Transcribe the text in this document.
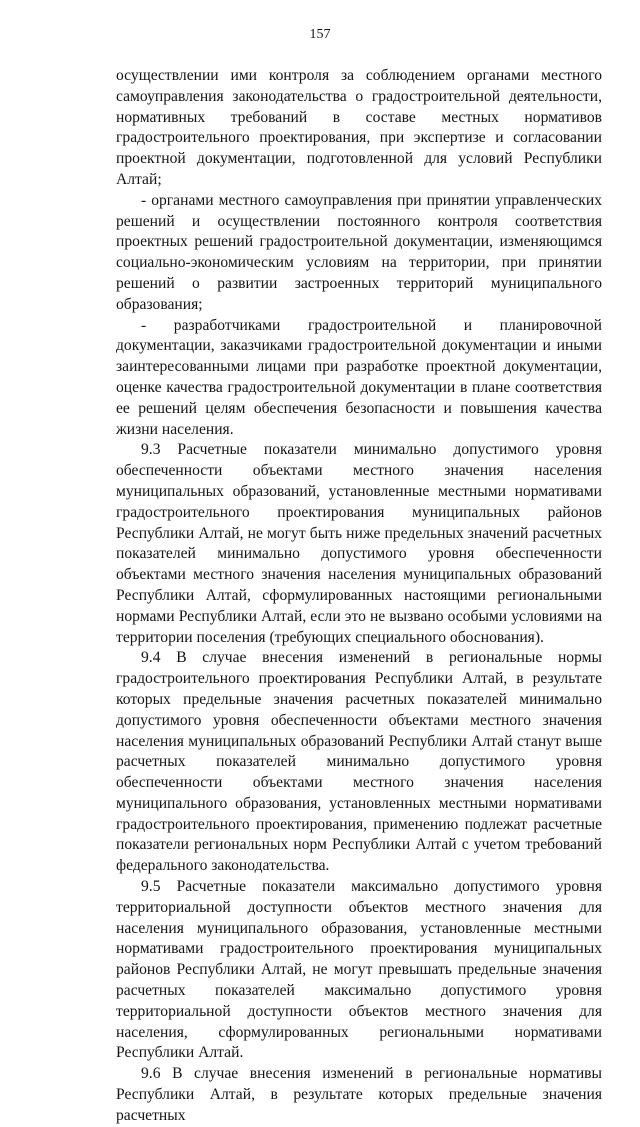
157

осуществлении ими контроля за соблюдением органами местного самоуправления законодательства о градостроительной деятельности, нормативных требований в составе местных нормативов градостроительного проектирования, при экспертизе и согласовании проектной документации, подготовленной для условий Республики Алтай;

- органами местного самоуправления при принятии управленческих решений и осуществлении постоянного контроля соответствия проектных решений градостроительной документации, изменяющимся социально-экономическим условиям на территории, при принятии решений о развитии застроенных территорий муниципального образования;

- разработчиками градостроительной и планировочной документации, заказчиками градостроительной документации и иными заинтересованными лицами при разработке проектной документации, оценке качества градостроительной документации в плане соответствия ее решений целям обеспечения безопасности и повышения качества жизни населения.

9.3 Расчетные показатели минимально допустимого уровня обеспеченности объектами местного значения населения муниципальных образований, установленные местными нормативами градостроительного проектирования муниципальных районов Республики Алтай, не могут быть ниже предельных значений расчетных показателей минимально допустимого уровня обеспеченности объектами местного значения населения муниципальных образований Республики Алтай, сформулированных настоящими региональными нормами Республики Алтай, если это не вызвано особыми условиями на территории поселения (требующих специального обоснования).

9.4 В случае внесения изменений в региональные нормы градостроительного проектирования Республики Алтай, в результате которых предельные значения расчетных показателей минимально допустимого уровня обеспеченности объектами местного значения населения муниципальных образований Республики Алтай станут выше расчетных показателей минимально допустимого уровня обеспеченности объектами местного значения населения муниципального образования, установленных местными нормативами градостроительного проектирования, применению подлежат расчетные показатели региональных норм Республики Алтай с учетом требований федерального законодательства.

9.5 Расчетные показатели максимально допустимого уровня территориальной доступности объектов местного значения для населения муниципального образования, установленные местными нормативами градостроительного проектирования муниципальных районов Республики Алтай, не могут превышать предельные значения расчетных показателей максимально допустимого уровня территориальной доступности объектов местного значения для населения, сформулированных региональными нормативами Республики Алтай.

9.6 В случае внесения изменений в региональные нормативы Республики Алтай, в результате которых предельные значения расчетных
